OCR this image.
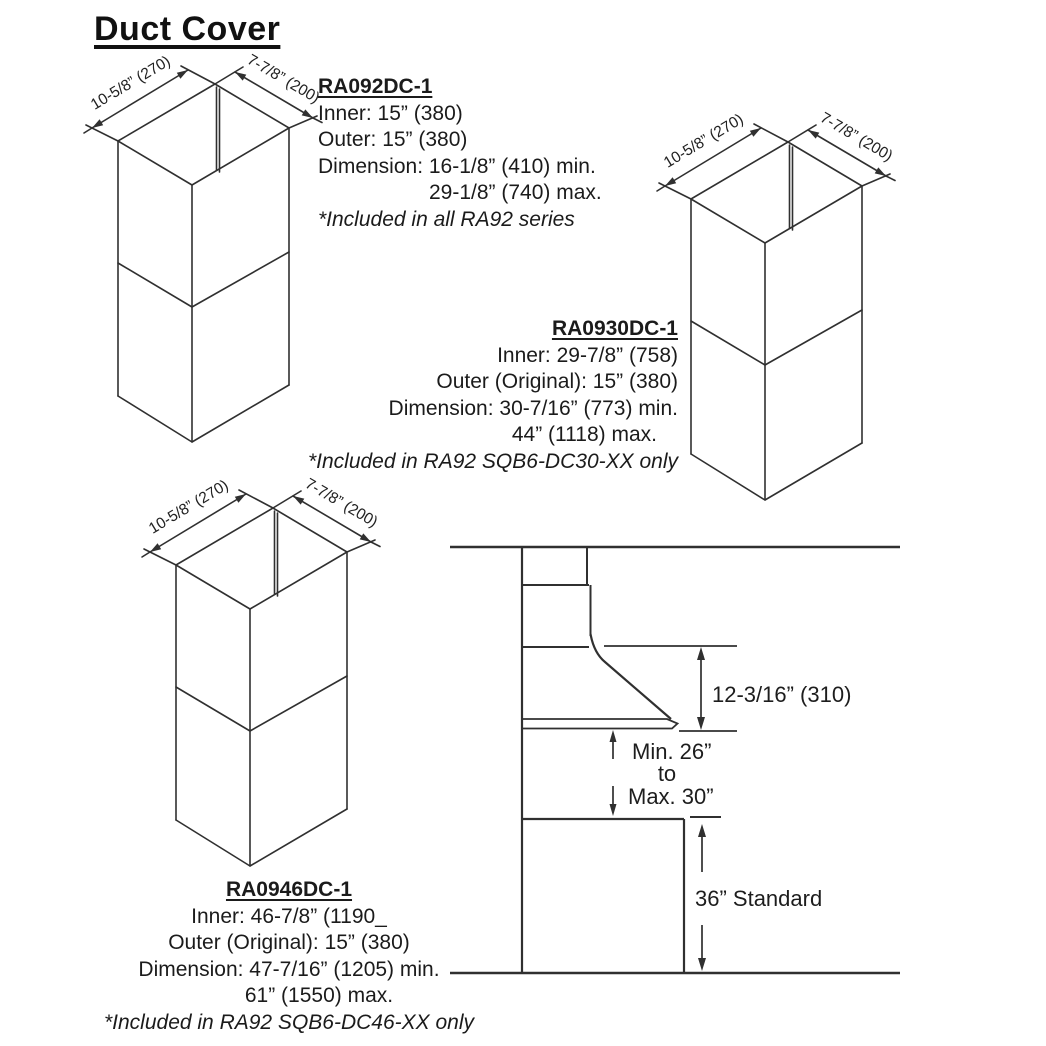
Duct Cover
10-5/8” (270)	7-7/8” (200)
10-5/8” (270)	7-7/8” (200)
10-5/8” (270)	7-7/8” (200)
RA092DC-1
Inner: 15” (380)
Outer: 15” (380)
Dimension: 16-1/8” (410) min.
29-1/8” (740) max.
*Included in all RA92 series
RA0930DC-1
Inner: 29-7/8” (758)
Outer (Original): 15” (380)
Dimension: 30-7/16” (773) min.
44” (1118) max.
*Included in RA92 SQB6-DC30-XX only
RA0946DC-1
Inner: 46-7/8” (1190_
Outer (Original): 15” (380)
Dimension: 47-7/16” (1205) min.
61” (1550) max.
*Included in RA92 SQB6-DC46-XX only
12-3/16” (310)
Min. 26”
to
Max. 30”
36” Standard
